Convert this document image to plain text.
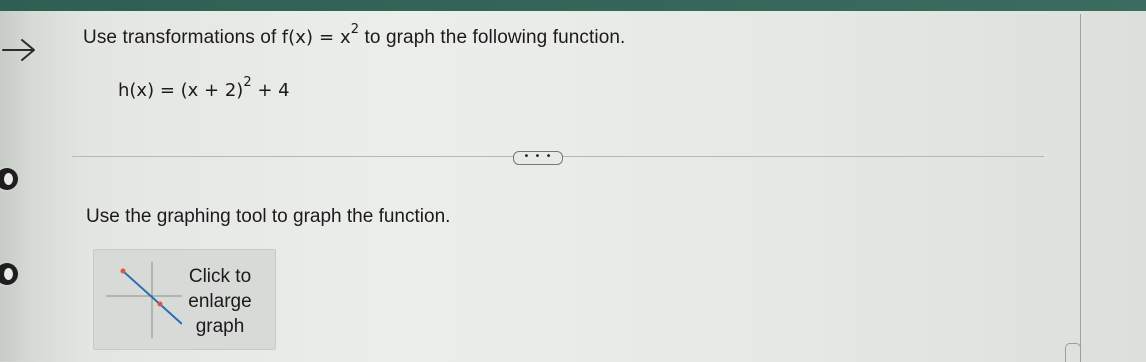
Use transformations of $f(x) = x^2$ to graph the following function.
$h(x) = (x + 2)^2 + 4$
• • •
Use the graphing tool to graph the function.
Click to
enlarge
graph
